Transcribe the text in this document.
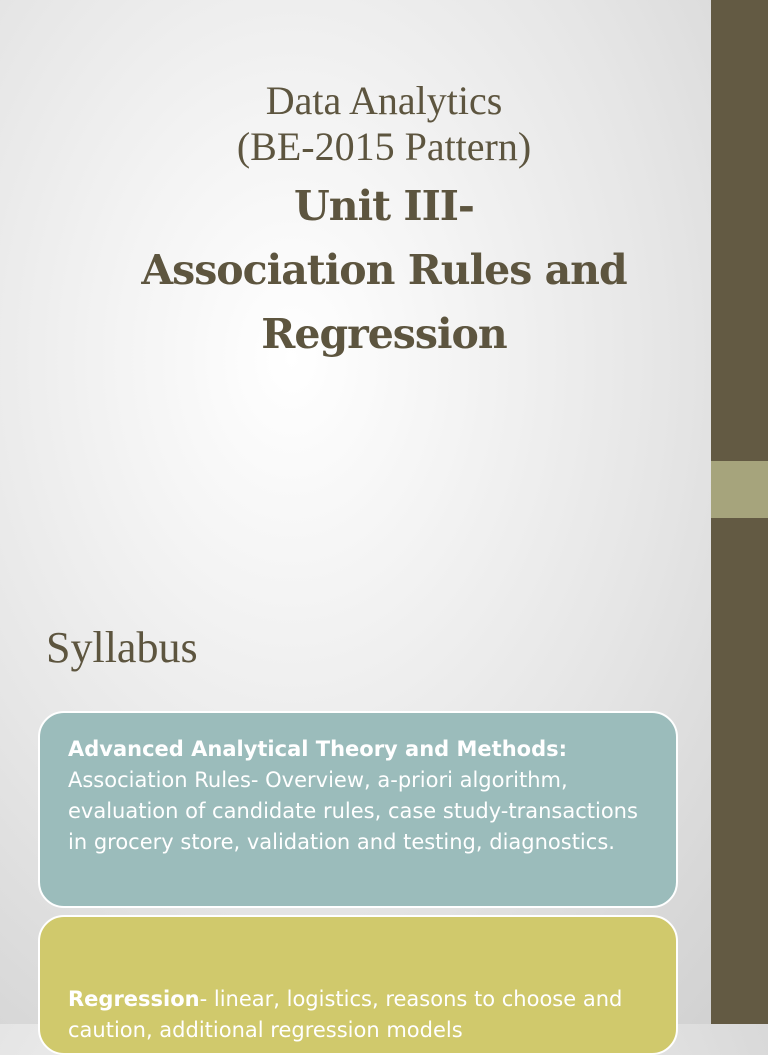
Data Analytics
(BE-2015 Pattern)
Unit III-
Association Rules and
Regression
Syllabus
Advanced Analytical Theory and Methods: Association Rules- Overview, a-priori algorithm, evaluation of candidate rules, case study-transactions in grocery store, validation and testing, diagnostics.
Regression- linear, logistics, reasons to choose and caution, additional regression models
